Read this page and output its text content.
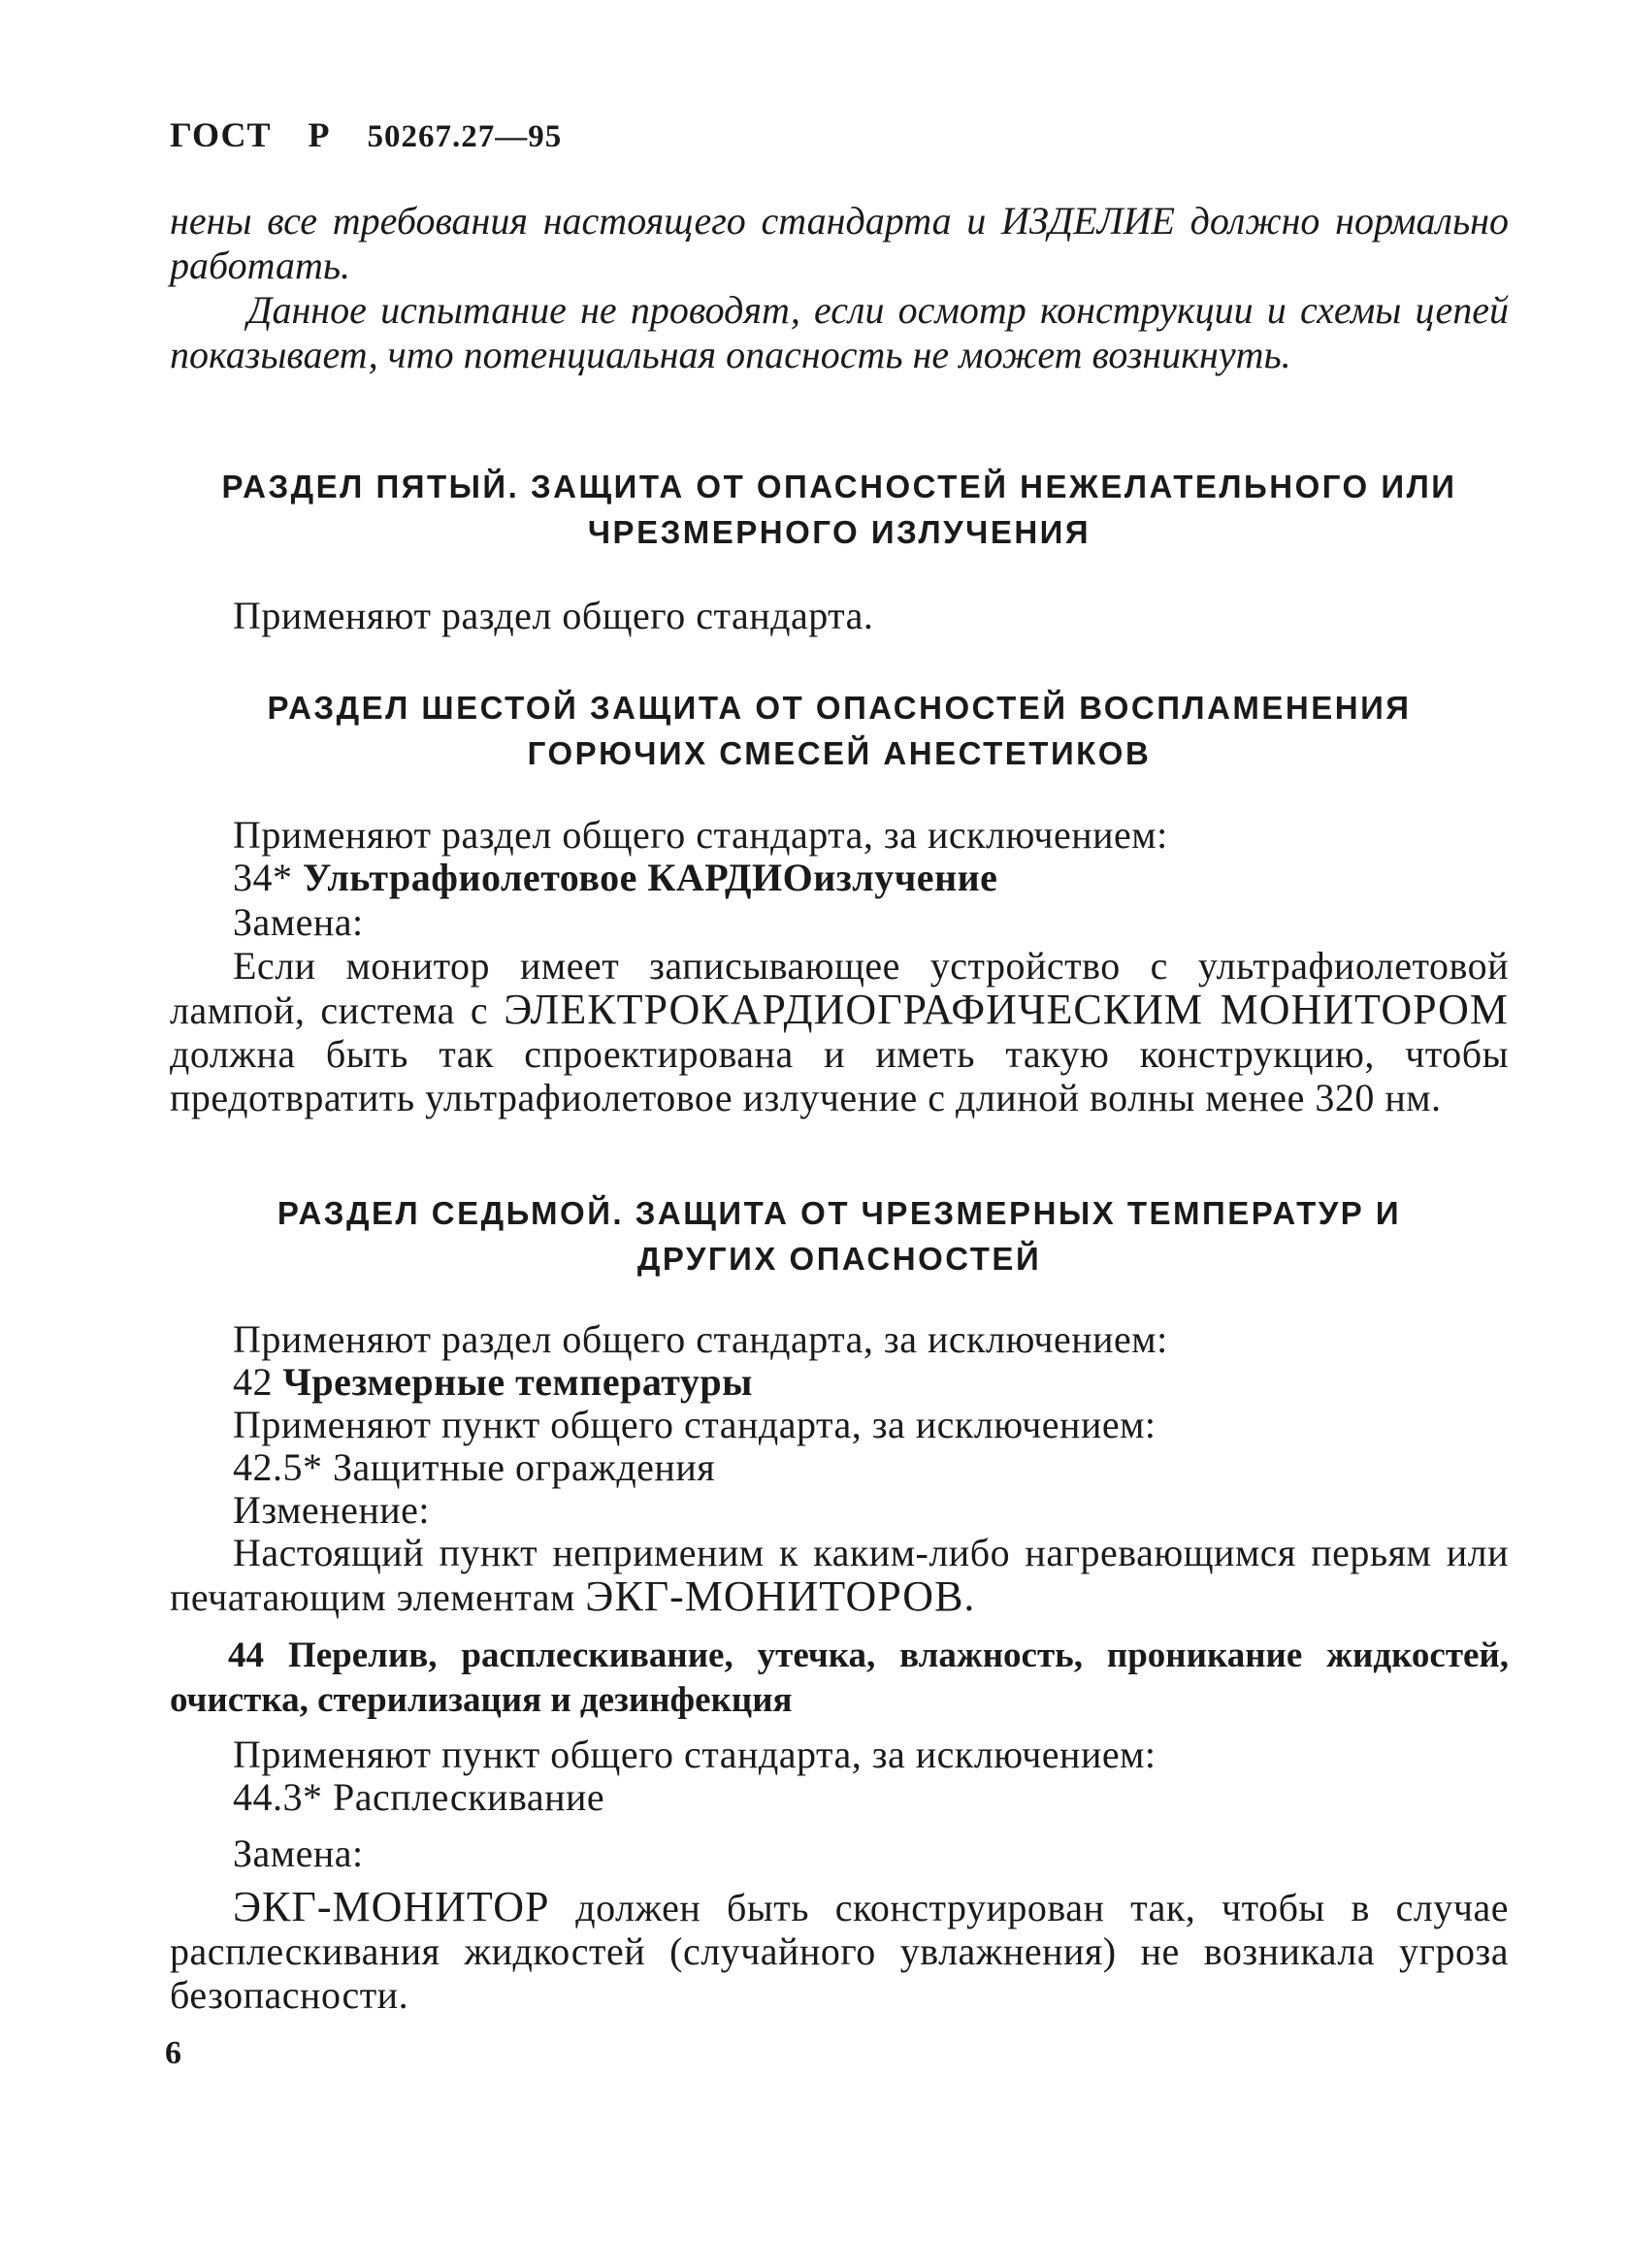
ГОСТ Р 50267.27—95

нены все требования настоящего стандарта и ИЗДЕЛИЕ должно нормально работать.

Данное испытание не проводят, если осмотр конструкции и схемы цепей показывает, что потенциальная опасность не может возникнуть.

РАЗДЕЛ ПЯТЫЙ. ЗАЩИТА ОТ ОПАСНОСТЕЙ НЕЖЕЛАТЕЛЬНОГО ИЛИ
ЧРЕЗМЕРНОГО ИЗЛУЧЕНИЯ
Применяют раздел общего стандарта.
РАЗДЕЛ ШЕСТОЙ ЗАЩИТА ОТ ОПАСНОСТЕЙ ВОСПЛАМЕНЕНИЯ
ГОРЮЧИХ СМЕСЕЙ АНЕСТЕТИКОВ
Применяют раздел общего стандарта, за исключением:
34* Ультрафиолетовое КАРДИОизлучение
Замена:

Если монитор имеет записывающее устройство с ультрафиолетовой лампой, система с ЭЛЕКТРОКАРДИОГРАФИЧЕСКИМ МОНИТОРОМ должна быть так спроектирована и иметь такую конструкцию, чтобы предотвратить ультрафиолетовое излучение с длиной волны менее 320 нм.

РАЗДЕЛ СЕДЬМОЙ. ЗАЩИТА ОТ ЧРЕЗМЕРНЫХ ТЕМПЕРАТУР И
ДРУГИХ ОПАСНОСТЕЙ
Применяют раздел общего стандарта, за исключением:
42 Чрезмерные температуры
Применяют пункт общего стандарта, за исключением:
42.5* Защитные ограждения
Изменение:

Настоящий пункт неприменим к каким-либо нагревающимся перьям или печатающим элементам ЭКГ-МОНИТОРОВ.

44 Перелив, расплескивание, утечка, влажность, проникание жидкостей, очистка, стерилизация и дезинфекция

Применяют пункт общего стандарта, за исключением:
44.3* Расплескивание
Замена:

ЭКГ-МОНИТОР должен быть сконструирован так, чтобы в случае расплескивания жидкостей (случайного увлажнения) не возникала угроза безопасности.

6
